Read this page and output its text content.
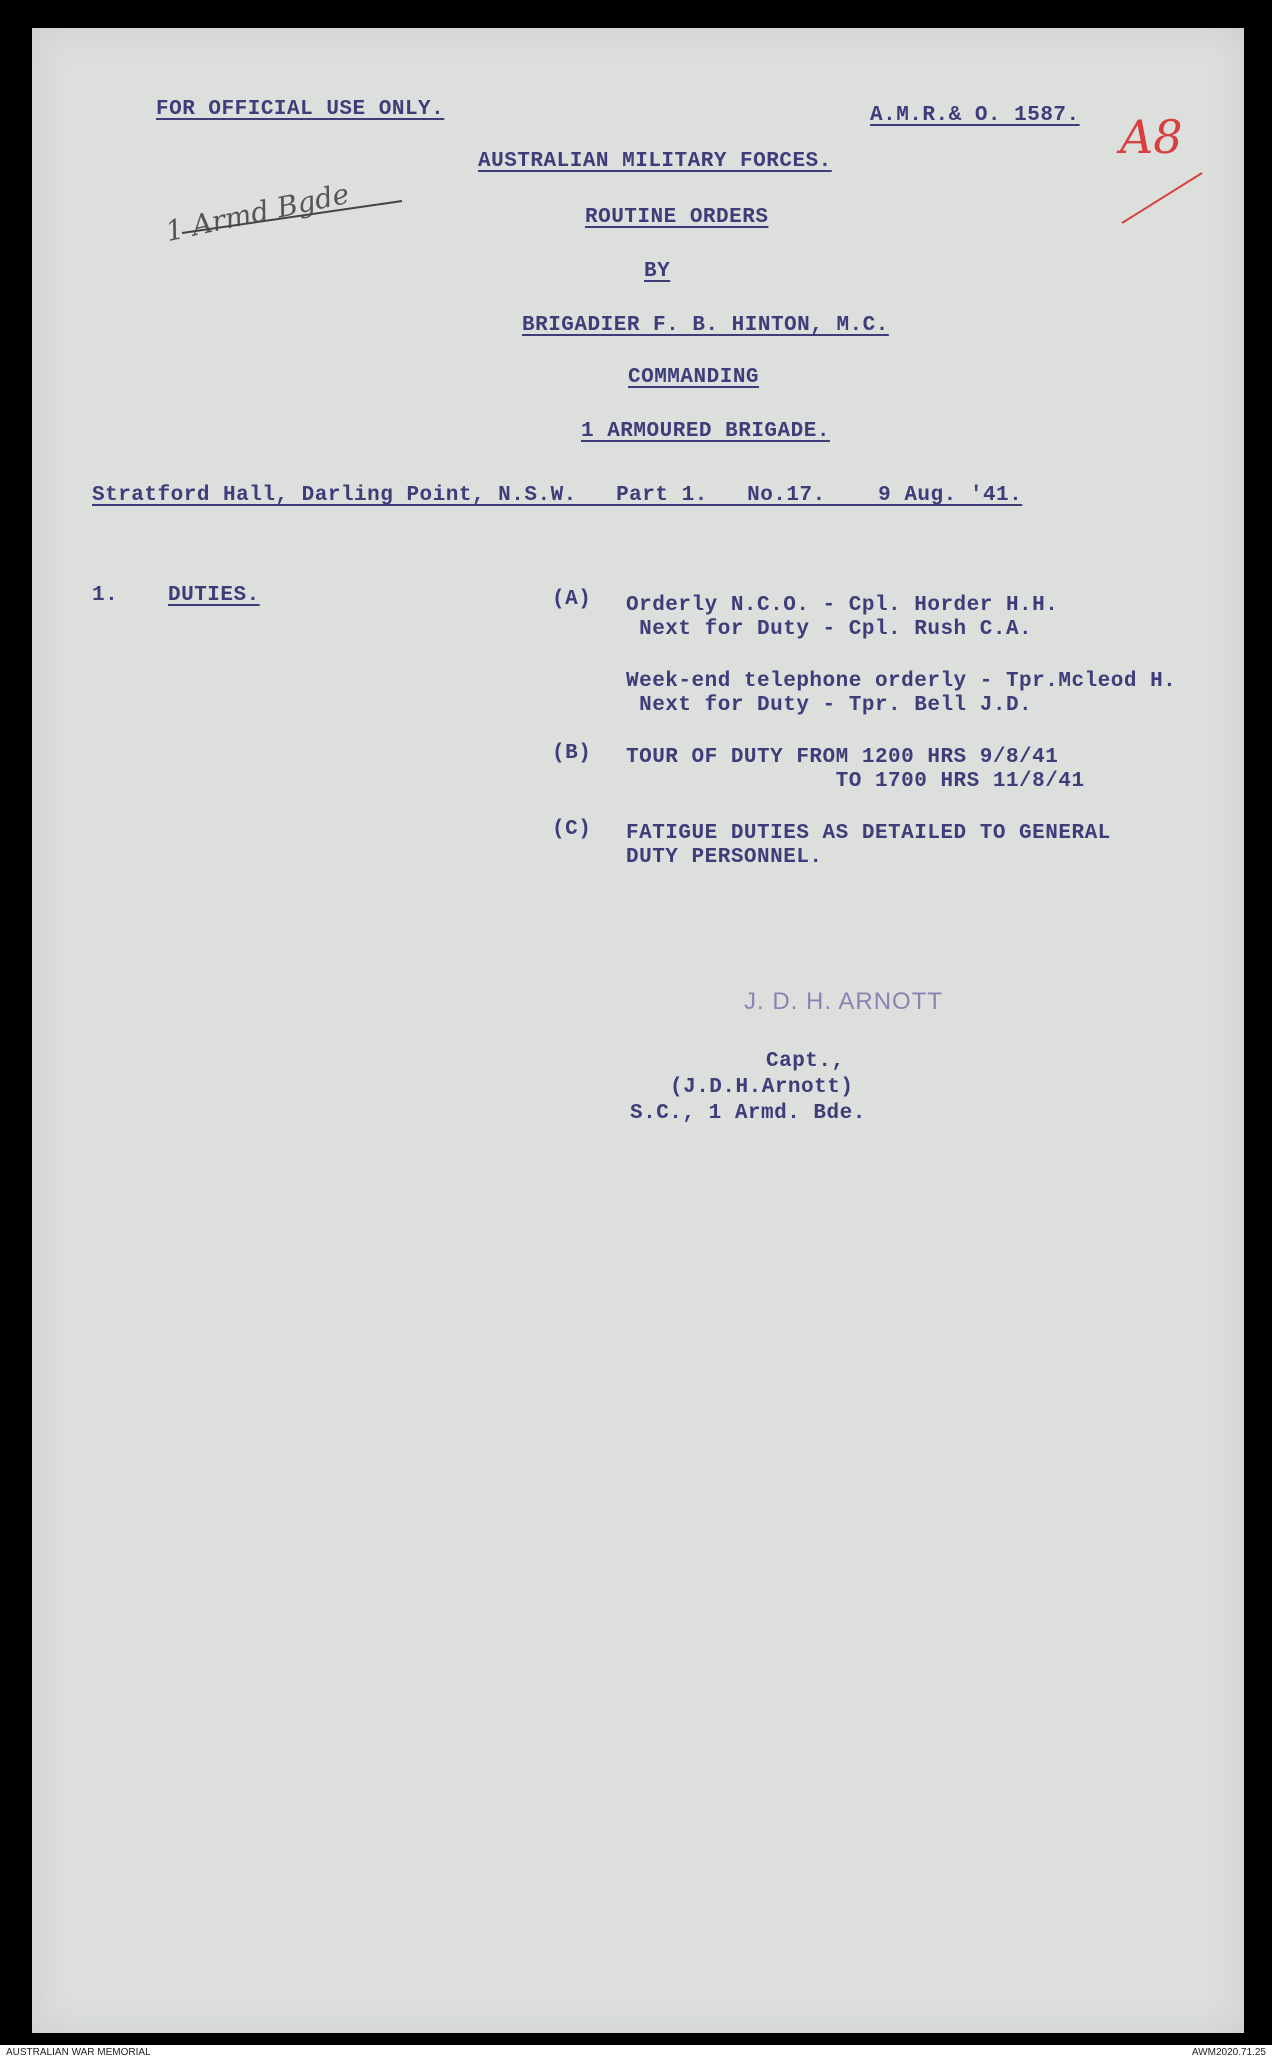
FOR OFFICIAL USE ONLY.	A.M.R.& O. 1587. A8
1 Armd Bgde
AUSTRALIAN MILITARY FORCES.
ROUTINE ORDERS
BY
BRIGADIER F. B. HINTON, M.C.
COMMANDING
1 ARMOURED BRIGADE.
Stratford Hall, Darling Point, N.S.W.   Part 1.   No.17.    9 Aug. '41.
1. DUTIES.	(A) Orderly N.C.O. - Cpl. Horder H.H.
Next for Duty - Cpl. Rush C.A.
Week-end telephone orderly - Tpr.Mcleod H.
Next for Duty - Tpr. Bell J.D.
(B) TOUR OF DUTY FROM 1200 HRS 9/8/41
TO 1700 HRS 11/8/41
(C) FATIGUE DUTIES AS DETAILED TO GENERAL
DUTY PERSONNEL.
J. D. H. ARNOTT
Capt.,
(J.D.H.Arnott)
S.C., 1 Armd. Bde.
AUSTRALIAN WAR MEMORIAL	AWM2020.71.25
